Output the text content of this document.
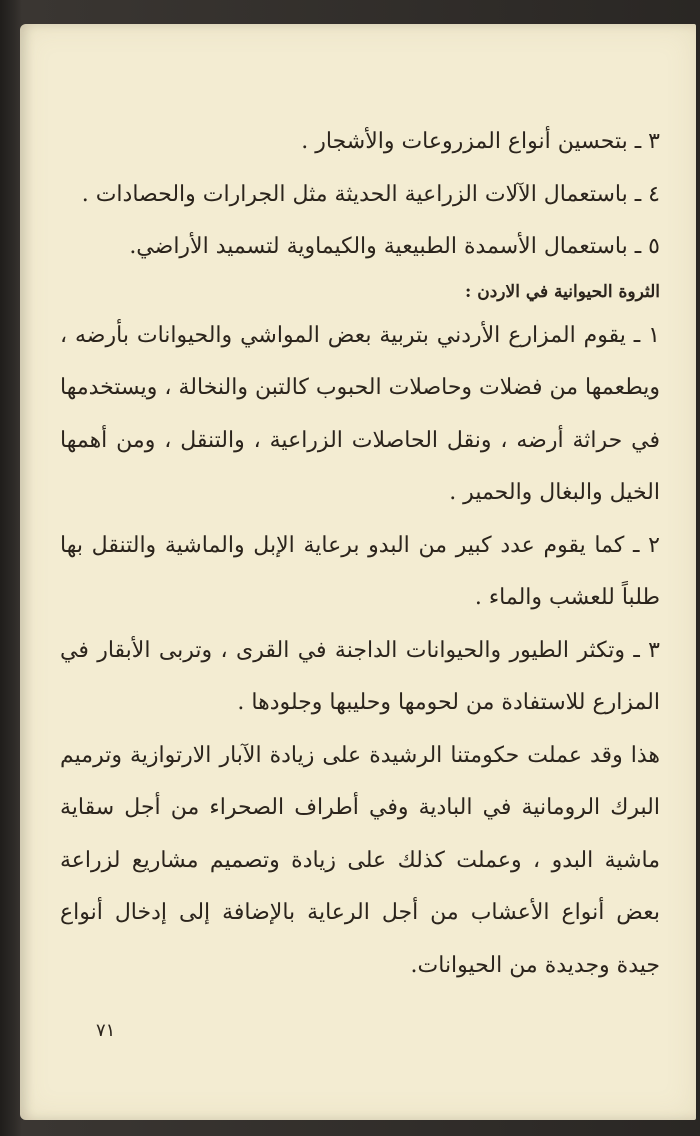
٣ ـ بتحسين أنواع المزروعات والأشجار .

٤ ـ باستعمال الآلات الزراعية الحديثة مثل الجرارات والحصادات .

٥ ـ باستعمال الأسمدة الطبيعية والكيماوية لتسميد الأراضي.

الثروة الحيوانية في الاردن :

١ ـ يقوم المزارع الأردني بتربية بعض المواشي والحيوانات بأرضه ، ويطعمها من فضلات وحاصلات الحبوب كالتبن والنخالة ، ويستخدمها في حراثة أرضه ، ونقل الحاصلات الزراعية ، والتنقل ، ومن أهمها الخيل والبغال والحمير .

٢ ـ كما يقوم عدد كبير من البدو برعاية الإبل والماشية والتنقل بها طلباً للعشب والماء .

٣ ـ وتكثر الطيور والحيوانات الداجنة في القرى ، وتربى الأبقار في المزارع للاستفادة من لحومها وحليبها وجلودها .

هذا وقد عملت حكومتنا الرشيدة على زيادة الآبار الارتوازية وترميم البرك الرومانية في البادية وفي أطراف الصحراء من أجل سقاية ماشية البدو ، وعملت كذلك على زيادة وتصميم مشاريع لزراعة بعض أنواع الأعشاب من أجل الرعاية بالإضافة إلى إدخال أنواع جيدة وجديدة من الحيوانات.

٧١
